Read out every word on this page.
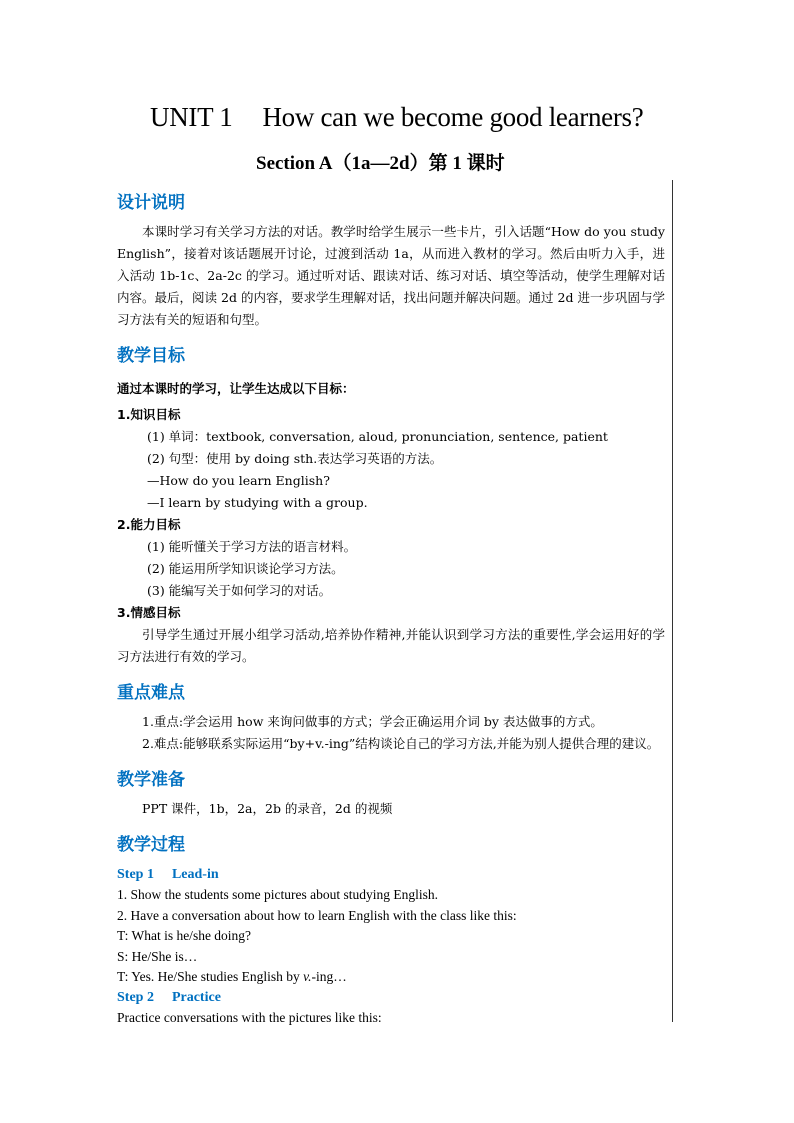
UNIT 1 How can we become good learners?
Section A（1a—2d）第 1 课时

设计说明

本课时学习有关学习方法的对话。教学时给学生展示一些卡片，引入话题“How do you study English”，接着对该话题展开讨论，过渡到活动 1a，从而进入教材的学习。然后由听力入手，进入活动 1b-1c、2a-2c 的学习。通过听对话、跟读对话、练习对话、填空等活动，使学生理解对话内容。最后，阅读 2d 的内容，要求学生理解对话，找出问题并解决问题。通过 2d 进一步巩固与学习方法有关的短语和句型。

教学目标

通过本课时的学习，让学生达成以下目标：

1.知识目标

(1) 单词：textbook, conversation, aloud, pronunciation, sentence, patient

(2) 句型：使用 by doing sth.表达学习英语的方法。

—How do you learn English?

—I learn by studying with a group.

2.能力目标

(1) 能听懂关于学习方法的语言材料。

(2) 能运用所学知识谈论学习方法。

(3) 能编写关于如何学习的对话。

3.情感目标

引导学生通过开展小组学习活动,培养协作精神,并能认识到学习方法的重要性,学会运用好的学习方法进行有效的学习。

重点难点

1.重点:学会运用 how 来询问做事的方式；学会正确运用介词 by 表达做事的方式。

2.难点:能够联系实际运用“by+v.-ing”结构谈论自己的学习方法,并能为别人提供合理的建议。

教学准备

PPT 课件，1b，2a，2b 的录音，2d 的视频

教学过程

Step 1 Lead-in

1. Show the students some pictures about studying English.

2. Have a conversation about how to learn English with the class like this:

T: What is he/she doing?

S: He/She is…

T: Yes. He/She studies English by v.-ing…

Step 2 Practice

Practice conversations with the pictures like this:
